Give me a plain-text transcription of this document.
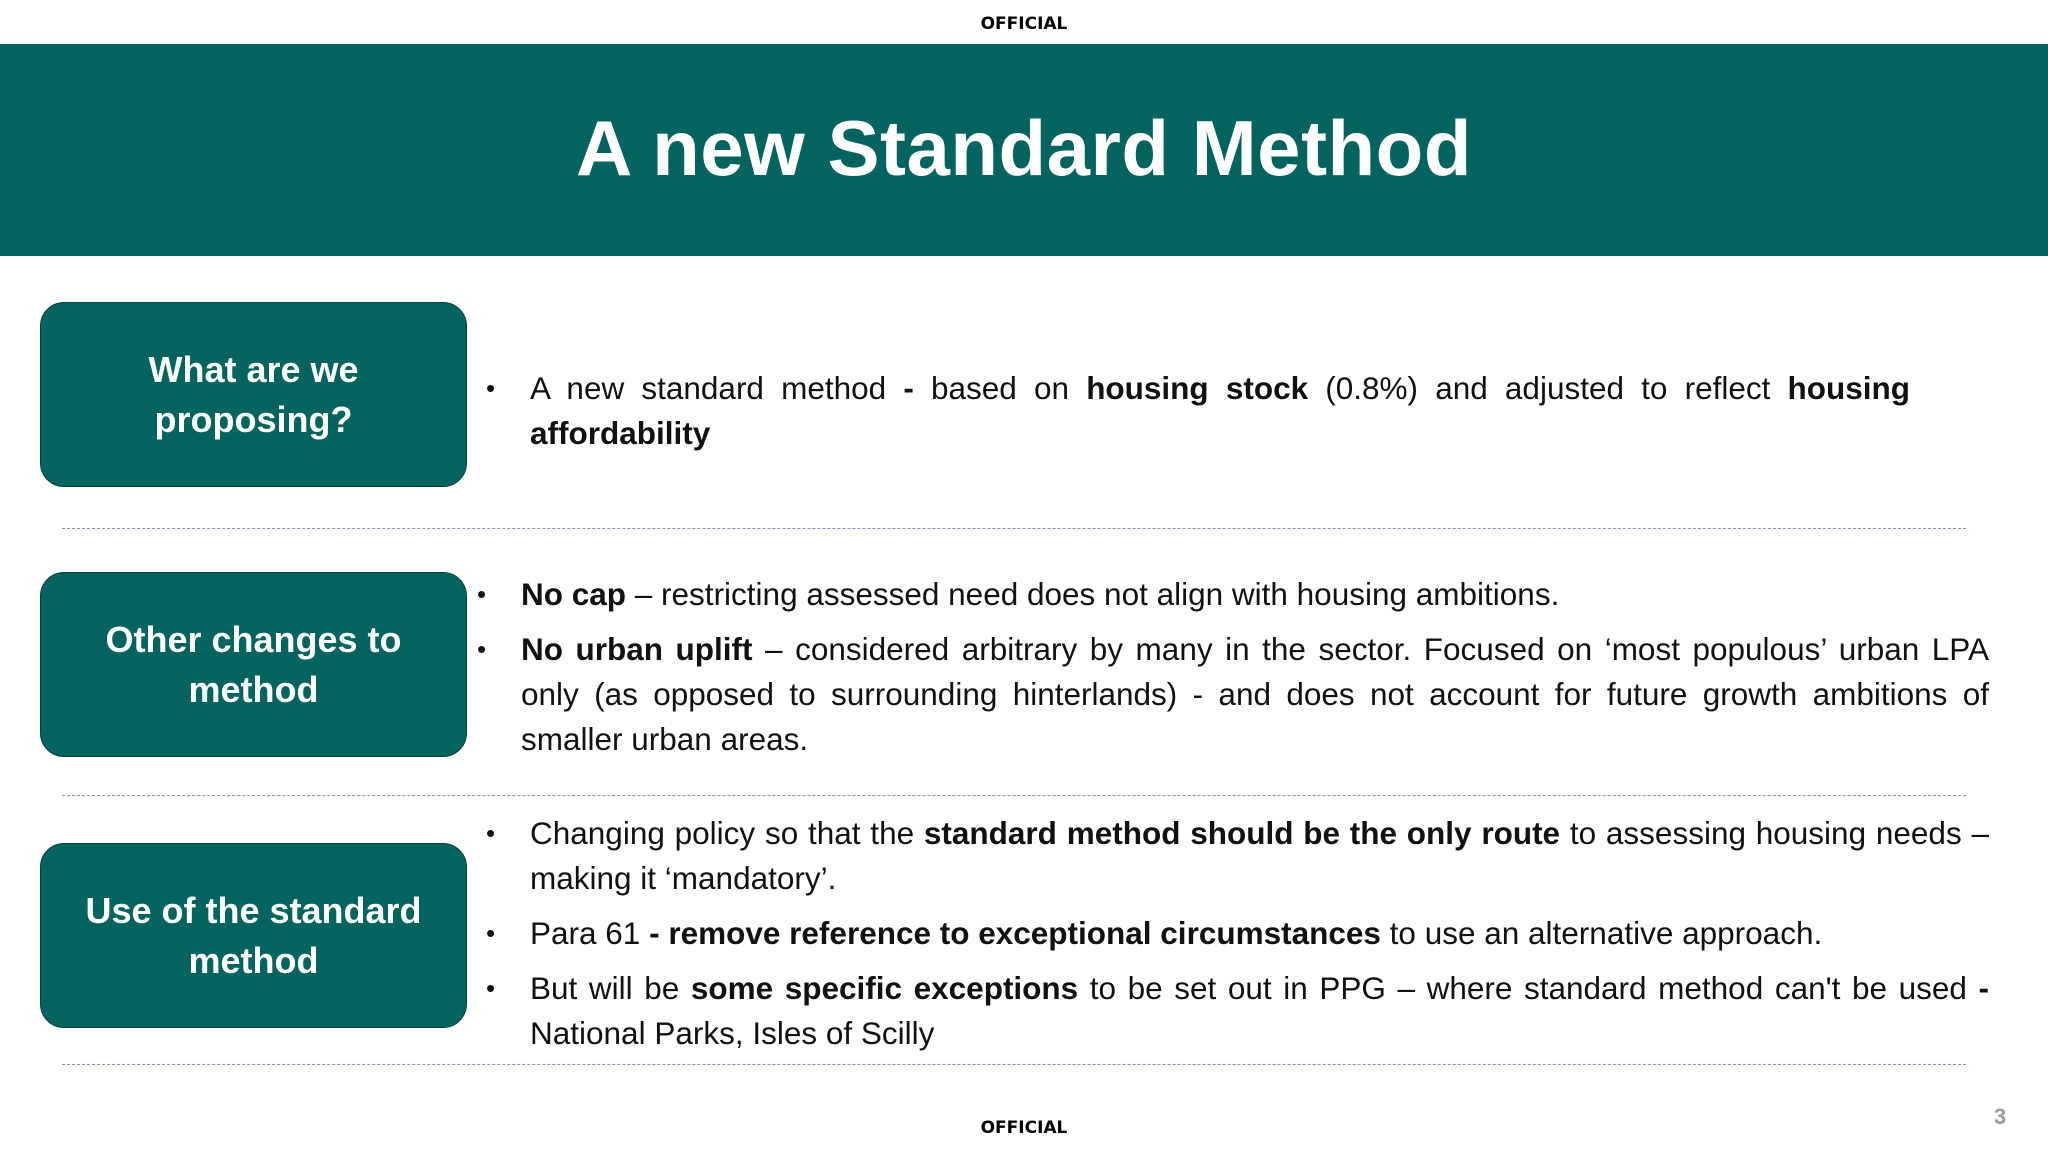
OFFICIAL
A new Standard Method
What are we
proposing?
• A new standard method - based on housing stock (0.8%) and adjusted to reflect housing affordability
Other changes to
method
• No cap – restricting assessed need does not align with housing ambitions.
• No urban uplift – considered arbitrary by many in the sector. Focused on ‘most populous’ urban LPA only (as opposed to surrounding hinterlands) - and does not account for future growth ambitions of smaller urban areas.
Use of the standard
method
• Changing policy so that the standard method should be the only route to assessing housing needs – making it ‘mandatory’.
• Para 61 - remove reference to exceptional circumstances to use an alternative approach.
• But will be some specific exceptions to be set out in PPG – where standard method can't be used - National Parks, Isles of Scilly
OFFICIAL	3
